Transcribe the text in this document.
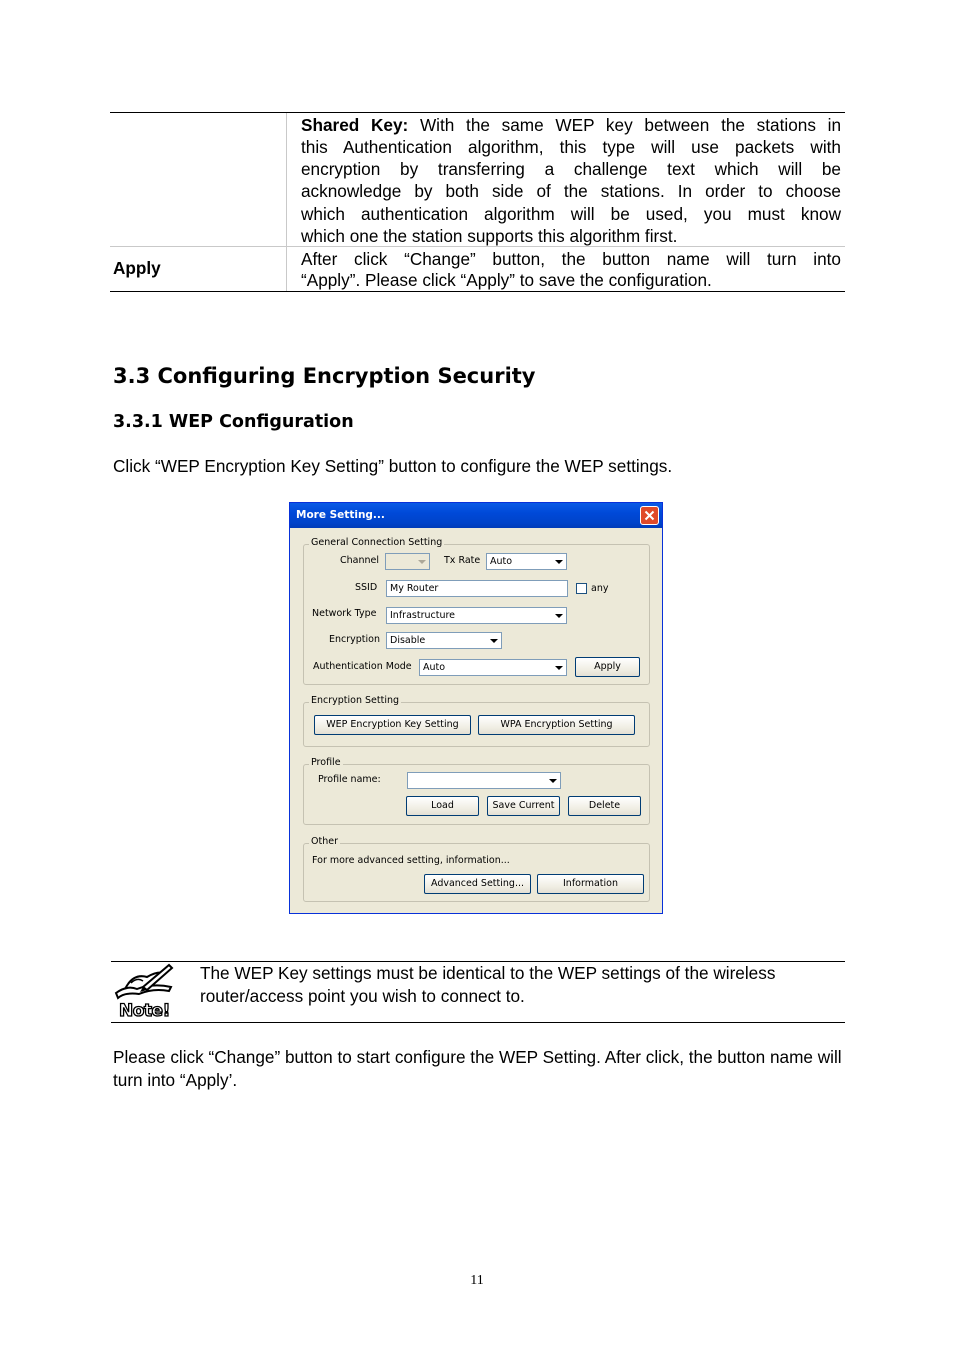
Shared Key: With the same WEP key between the stations in
this Authentication algorithm, this type will use packets with
encryption by transferring a challenge text which will be
acknowledge by both side of the stations. In order to choose
which authentication algorithm will be used, you must know
which one the station supports this algorithm first.
Apply	After click “Change” button, the button name will turn into
“Apply”. Please click “Apply” to save the configuration.
3.3 Configuring Encryption Security
3.3.1 WEP Configuration
Click “WEP Encryption Key Setting” button to configure the WEP settings.
More Setting...
General Connection Setting
Channel	Tx Rate	Auto
SSID	My Router	any
Network Type	Infrastructure
Encryption	Disable
Authentication Mode	Auto	Apply
Encryption Setting
WEP Encryption Key Setting	WPA Encryption Setting
Profile
Profile name:
Load	Save Current	Delete
Other
For more advanced setting, information...
Advanced Setting...	Information
Note!
The WEP Key settings must be identical to the WEP settings of the wireless router/access point you wish to connect to.
Please click “Change” button to start configure the WEP Setting. After click, the button name will turn into “Apply’.
11
